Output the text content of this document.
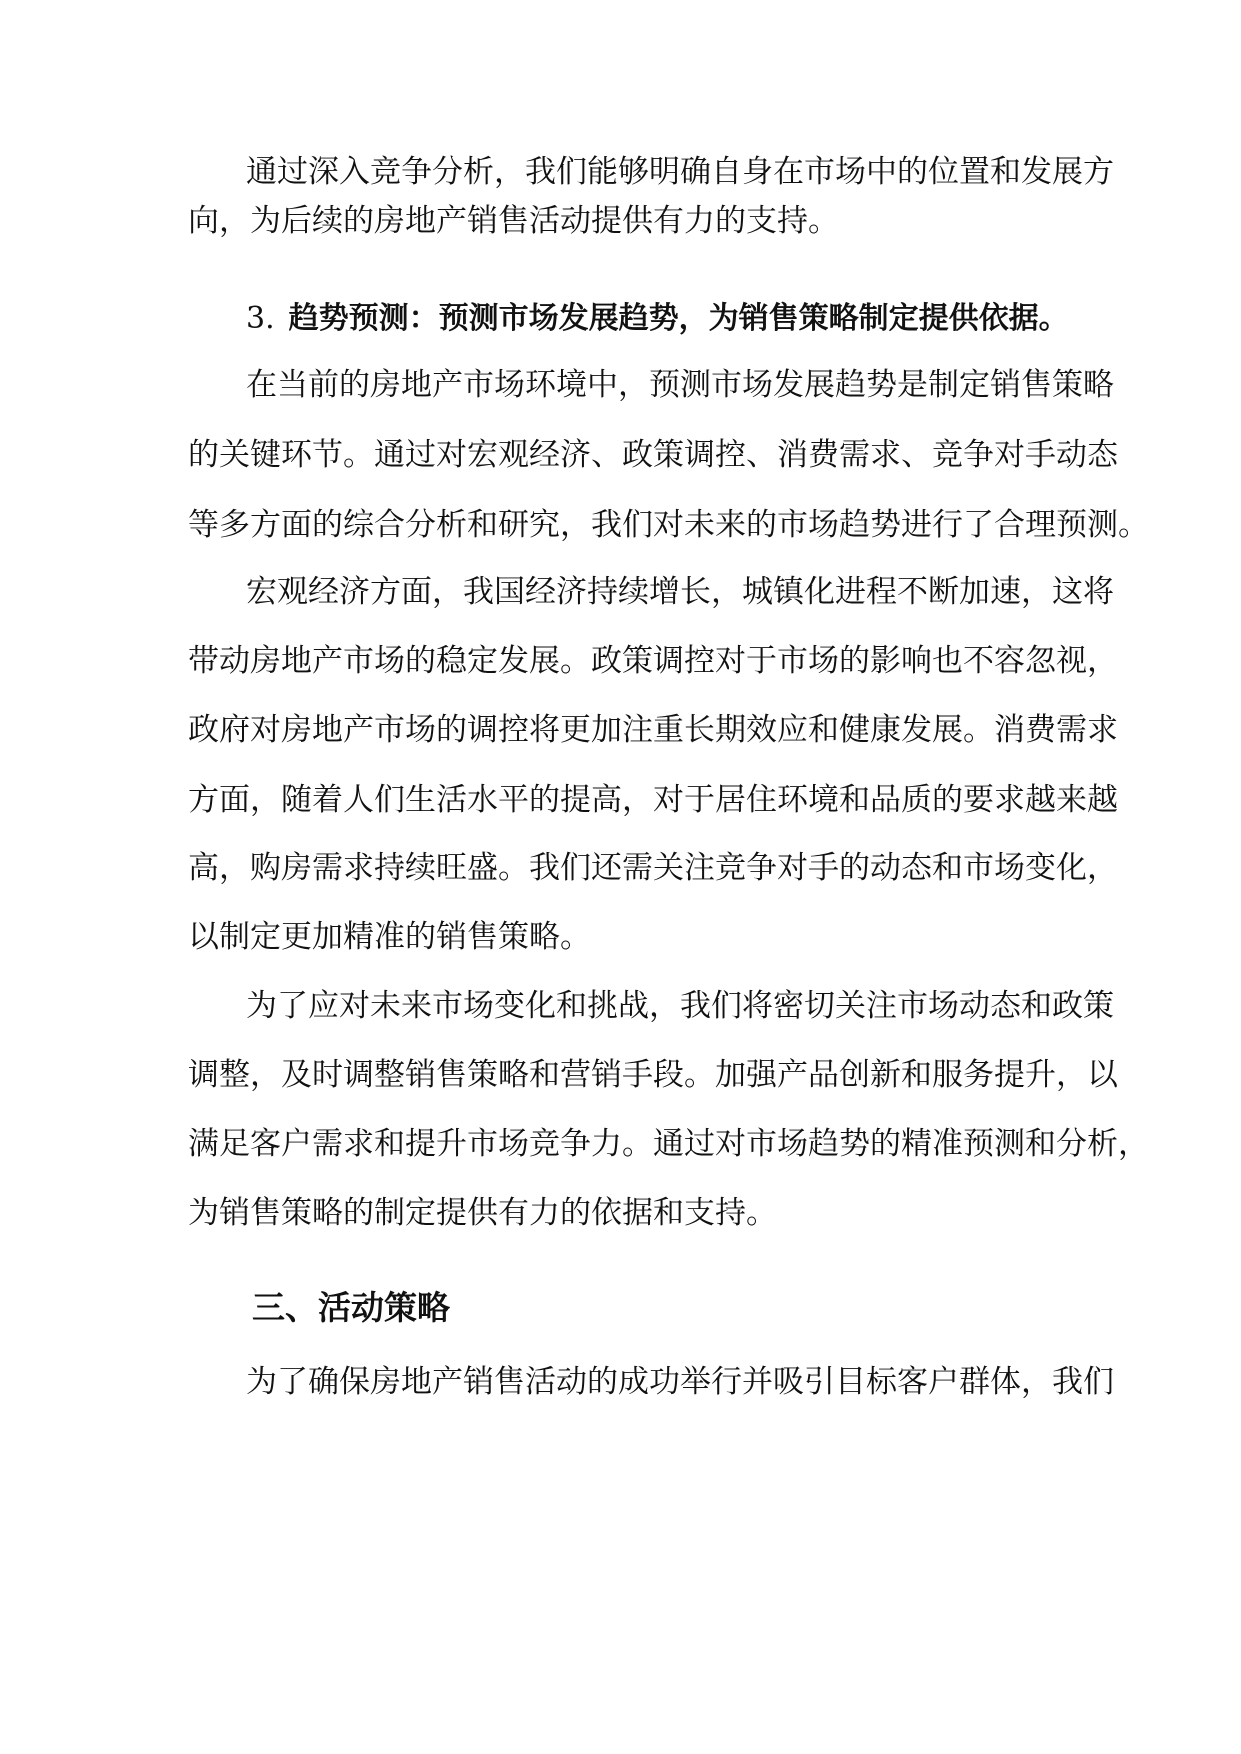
通过深入竞争分析，我们能够明确自身在市场中的位置和发展方
向，为后续的房地产销售活动提供有力的支持。
3. 趋势预测：预测市场发展趋势，为销售策略制定提供依据。
在当前的房地产市场环境中，预测市场发展趋势是制定销售策略
的关键环节。通过对宏观经济、政策调控、消费需求、竞争对手动态
等多方面的综合分析和研究，我们对未来的市场趋势进行了合理预测。
宏观经济方面，我国经济持续增长，城镇化进程不断加速，这将
带动房地产市场的稳定发展。政策调控对于市场的影响也不容忽视，
政府对房地产市场的调控将更加注重长期效应和健康发展。消费需求
方面，随着人们生活水平的提高，对于居住环境和品质的要求越来越
高，购房需求持续旺盛。我们还需关注竞争对手的动态和市场变化，
以制定更加精准的销售策略。
为了应对未来市场变化和挑战，我们将密切关注市场动态和政策
调整，及时调整销售策略和营销手段。加强产品创新和服务提升，以
满足客户需求和提升市场竞争力。通过对市场趋势的精准预测和分析，
为销售策略的制定提供有力的依据和支持。
三、活动策略
为了确保房地产销售活动的成功举行并吸引目标客户群体，我们
